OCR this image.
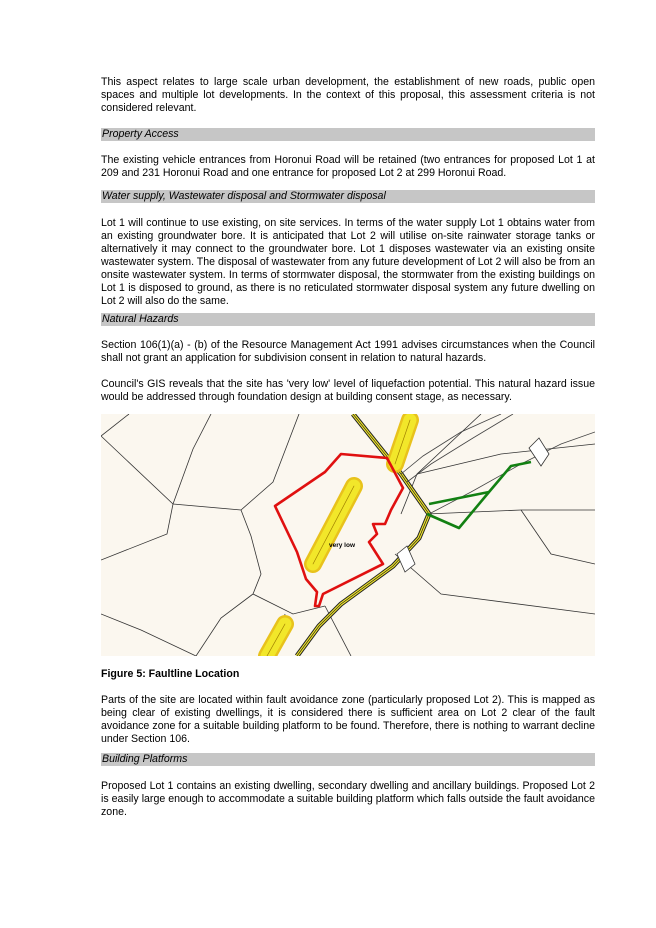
This aspect relates to large scale urban development, the establishment of new roads, public open spaces and multiple lot developments. In the context of this proposal, this assessment criteria is not considered relevant.

Property Access

The existing vehicle entrances from Horonui Road will be retained (two entrances for proposed Lot 1 at 209 and 231 Horonui Road and one entrance for proposed Lot 2 at 299 Horonui Road.

Water supply, Wastewater disposal and Stormwater disposal

Lot 1 will continue to use existing, on site services. In terms of the water supply Lot 1 obtains water from an existing groundwater bore. It is anticipated that Lot 2 will utilise on-site rainwater storage tanks or alternatively it may connect to the groundwater bore. Lot 1 disposes wastewater via an existing onsite wastewater system. The disposal of wastewater from any future development of Lot 2 will also be from an onsite wastewater system. In terms of stormwater disposal, the stormwater from the existing buildings on Lot 1 is disposed to ground, as there is no reticulated stormwater disposal system any future dwelling on Lot 2 will also do the same.

Natural Hazards

Section 106(1)(a) - (b) of the Resource Management Act 1991 advises circumstances when the Council shall not grant an application for subdivision consent in relation to natural hazards.

Council's GIS reveals that the site has 'very low' level of liquefaction potential. This natural hazard issue would be addressed through foundation design at building consent stage, as necessary.

very low
Figure 5: Faultline Location

Parts of the site are located within fault avoidance zone (particularly proposed Lot 2). This is mapped as being clear of existing dwellings, it is considered there is sufficient area on Lot 2 clear of the fault avoidance zone for a suitable building platform to be found. Therefore, there is nothing to warrant decline under Section 106.

Building Platforms

Proposed Lot 1 contains an existing dwelling, secondary dwelling and ancillary buildings. Proposed Lot 2 is easily large enough to accommodate a suitable building platform which falls outside the fault avoidance zone.
